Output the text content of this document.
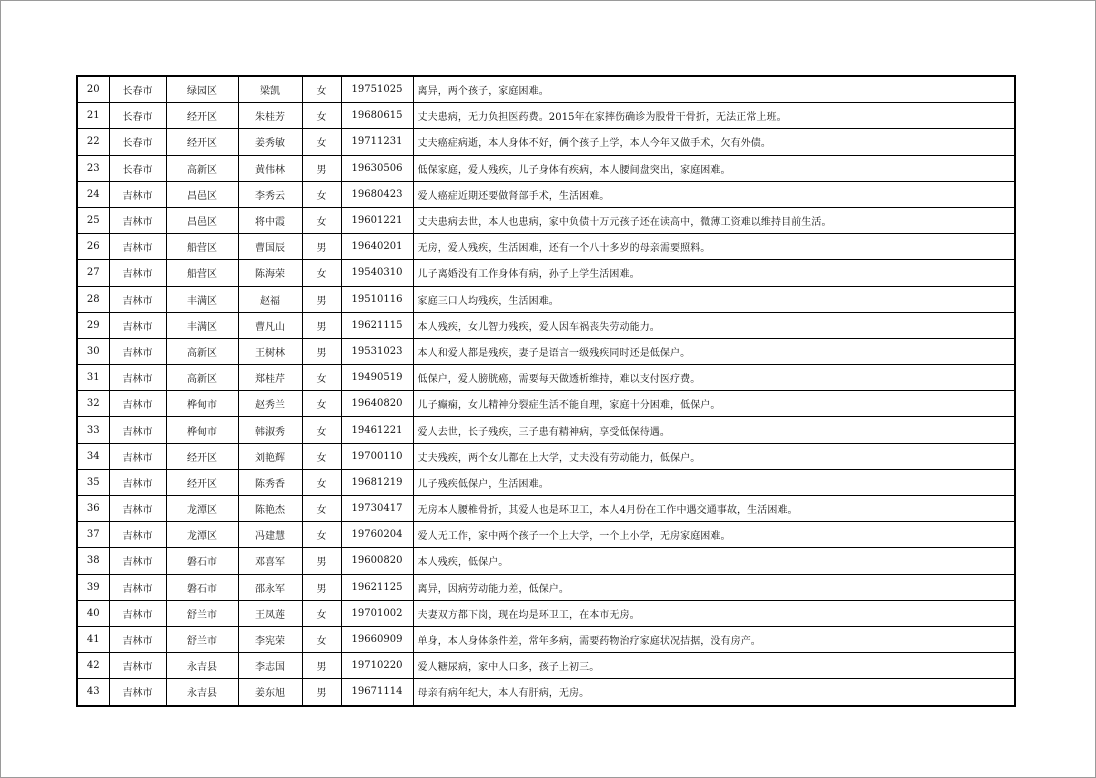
20	长春市	绿园区	梁凯	女	19751025	离异，两个孩子，家庭困难。
21	长春市	经开区	朱桂芳	女	19680615	丈夫患病，无力负担医药费。2015年在家摔伤确诊为股骨干骨折，无法正常上班。
22	长春市	经开区	姜秀敏	女	19711231	丈夫癌症病逝，本人身体不好，俩个孩子上学，本人今年又做手术，欠有外债。
23	长春市	高新区	黄伟林	男	19630506	低保家庭，爱人残疾，儿子身体有疾病，本人腰间盘突出，家庭困难。
24	吉林市	昌邑区	李秀云	女	19680423	爱人癌症近期还要做肾部手术，生活困难。
25	吉林市	昌邑区	将中霞	女	19601221	丈夫患病去世，本人也患病，家中负债十万元孩子还在读高中，微薄工资难以维持目前生活。
26	吉林市	船营区	曹国辰	男	19640201	无房，爱人残疾，生活困难，还有一个八十多岁的母亲需要照料。
27	吉林市	船营区	陈海荣	女	19540310	儿子离婚没有工作身体有病，孙子上学生活困难。
28	吉林市	丰满区	赵福	男	19510116	家庭三口人均残疾，生活困难。
29	吉林市	丰满区	曹凡山	男	19621115	本人残疾，女儿智力残疾，爱人因车祸丧失劳动能力。
30	吉林市	高新区	王树林	男	19531023	本人和爱人都是残疾，妻子是语言一级残疾同时还是低保户。
31	吉林市	高新区	郑桂芹	女	19490519	低保户，爱人膀胱癌，需要每天做透析维持，难以支付医疗费。
32	吉林市	桦甸市	赵秀兰	女	19640820	儿子癫痫，女儿精神分裂症生活不能自理，家庭十分困难，低保户。
33	吉林市	桦甸市	韩淑秀	女	19461221	爱人去世，长子残疾，三子患有精神病，享受低保待遇。
34	吉林市	经开区	刘艳辉	女	19700110	丈夫残疾，两个女儿都在上大学，丈夫没有劳动能力，低保户。
35	吉林市	经开区	陈秀香	女	19681219	儿子残疾低保户，生活困难。
36	吉林市	龙潭区	陈艳杰	女	19730417	无房本人腰椎骨折，其爱人也是环卫工，本人4月份在工作中遇交通事故，生活困难。
37	吉林市	龙潭区	冯建慧	女	19760204	爱人无工作，家中两个孩子一个上大学，一个上小学，无房家庭困难。
38	吉林市	磐石市	邓喜军	男	19600820	本人残疾，低保户。
39	吉林市	磐石市	邵永军	男	19621125	离异，因病劳动能力差，低保户。
40	吉林市	舒兰市	王凤莲	女	19701002	夫妻双方都下岗，现在均是环卫工，在本市无房。
41	吉林市	舒兰市	李宪荣	女	19660909	单身，本人身体条件差，常年多病，需要药物治疗家庭状况拮据，没有房产。
42	吉林市	永吉县	李志国	男	19710220	爱人糖尿病，家中人口多，孩子上初三。
43	吉林市	永吉县	姜东旭	男	19671114	母亲有病年纪大，本人有肝病，无房。
